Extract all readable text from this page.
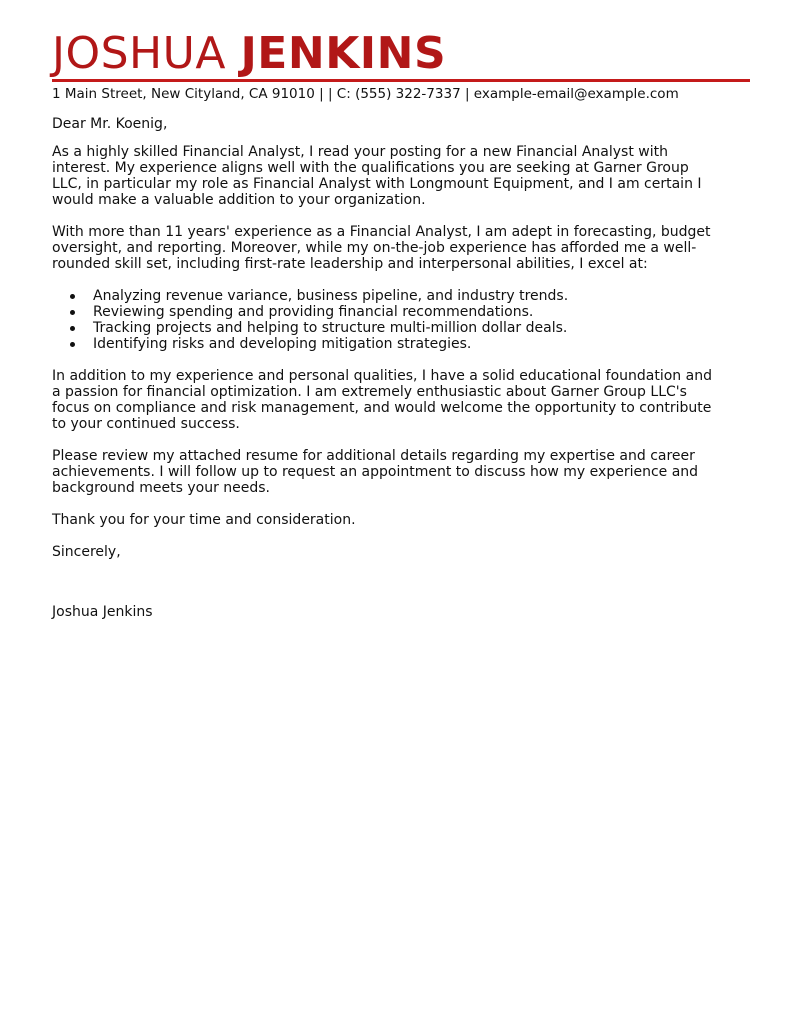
JOSHUA JENKINS
1 Main Street, New Cityland, CA 91010 | | C: (555) 322-7337 | example-email@example.com

Dear Mr. Koenig,

As a highly skilled Financial Analyst, I read your posting for a new Financial Analyst with interest. My experience aligns well with the qualifications you are seeking at Garner Group LLC, in particular my role as Financial Analyst with Longmount Equipment, and I am certain I would make a valuable addition to your organization.

With more than 11 years' experience as a Financial Analyst, I am adept in forecasting, budget oversight, and reporting. Moreover, while my on-the-job experience has afforded me a well-rounded skill set, including first-rate leadership and interpersonal abilities, I excel at:

Analyzing revenue variance, business pipeline, and industry trends.
Reviewing spending and providing financial recommendations.
Tracking projects and helping to structure multi-million dollar deals.
Identifying risks and developing mitigation strategies.

In addition to my experience and personal qualities, I have a solid educational foundation and a passion for financial optimization. I am extremely enthusiastic about Garner Group LLC's focus on compliance and risk management, and would welcome the opportunity to contribute to your continued success.

Please review my attached resume for additional details regarding my expertise and career achievements. I will follow up to request an appointment to discuss how my experience and background meets your needs.

Thank you for your time and consideration.

Sincerely,

Joshua Jenkins
